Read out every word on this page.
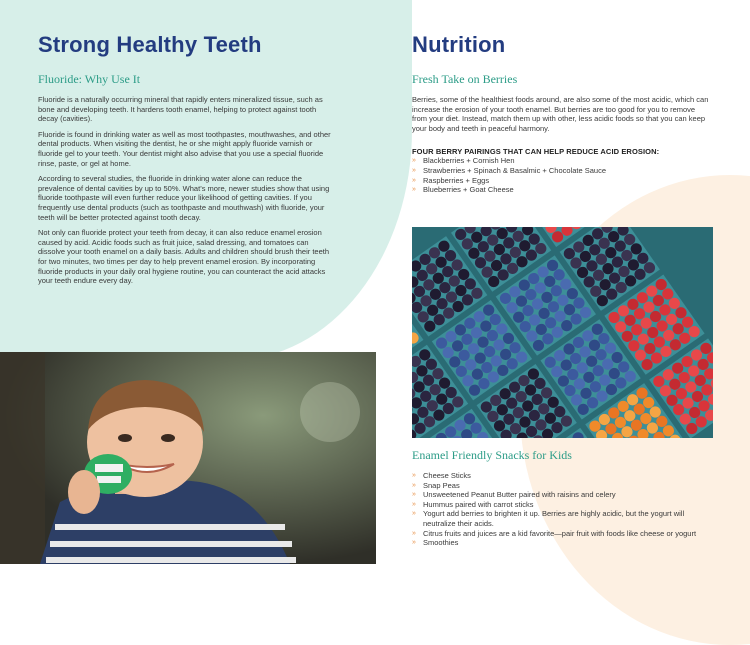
Strong Healthy Teeth
Fluoride: Why Use It

Fluoride is a naturally occurring mineral that rapidly enters mineralized tissue, such as bone and developing teeth. It hardens tooth enamel, helping to protect against tooth decay (cavities).

Fluoride is found in drinking water as well as most toothpastes, mouthwashes, and other dental products. When visiting the dentist, he or she might apply fluoride varnish or fluoride gel to your teeth. Your dentist might also advise that you use a special fluoride rinse, paste, or gel at home.

According to several studies, the fluoride in drinking water alone can reduce the prevalence of dental cavities by up to 50%. What’s more, newer studies show that using fluoride toothpaste will even further reduce your likelihood of getting cavities. If you frequently use dental products (such as toothpaste and mouthwash) with fluoride, your teeth will be better protected against tooth decay.

Not only can fluoride protect your teeth from decay, it can also reduce enamel erosion caused by acid. Acidic foods such as fruit juice, salad dressing, and tomatoes can dissolve your tooth enamel on a daily basis. Adults and children should brush their teeth for two minutes, two times per day to help prevent enamel erosion. By incorporating fluoride products in your daily oral hygiene routine, you can counteract the acid attacks your teeth endure every day.

Nutrition
Fresh Take on Berries

Berries, some of the healthiest foods around, are also some of the most acidic, which can increase the erosion of your tooth enamel. But berries are too good for you to remove from your diet. Instead, match them up with other, less acidic foods so that you can keep your body and teeth in peaceful harmony.

FOUR BERRY PAIRINGS THAT CAN HELP REDUCE ACID EROSION:
» Blackberries + Cornish Hen
» Strawberries + Spinach & Basalmic + Chocolate Sauce
» Raspberries + Eggs
» Blueberries + Goat Cheese
Enamel Friendly Snacks for Kids
» Cheese Sticks
» Snap Peas
» Unsweetened Peanut Butter paired with raisins and celery
» Hummus paired with carrot sticks
» Yogurt add berries to brighten it up. Berries are highly acidic, but the yogurt will neutralize their acids.
» Citrus fruits and juices are a kid favorite—pair fruit with foods like cheese or yogurt
» Smoothies
